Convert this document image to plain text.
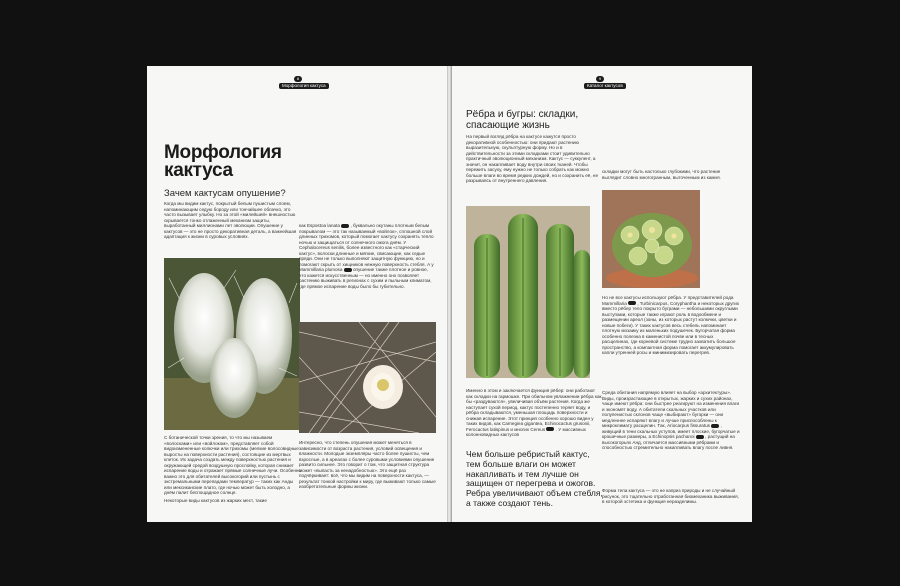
8
Морфология кактуса
Морфология кактуса
Зачем кактусам опушение?
Когда мы видим кактус, покрытый белым пушистым слоем, напоминающим седую бороду или тончайшее облачко, это часто вызывает улыбку. Но за этой «милейшей» внешностью скрывается тонко отлаженный механизм защиты, выработанный миллионами лет эволюции. Опушение у кактусов — это не просто декоративная деталь, а важнейшая адаптация к жизни в суровых условиях.
С ботанической точки зрения, то что мы называем «волосками» или «войлоком», представляет собой видоизмененные колючки или трихомы (мелкие волосовидные выросты на поверхности растения), состоящие из мертвых клеток. Их задача создать между поверхностью растения и окружающей средой воздушную прослойку, которая снижает испарение воды и отражает прямые солнечные лучи. Особенно важно это для обитателей высокогорий или пустынь с экстремальными перепадами температур — таких как Анды или мексиканские плато, где ночью может быть холодно, а днём палит беспощадное солнце.
Некоторые виды кактусов из жарких мест, такие
как Espostoa lanata , буквально окутаны плотным белым покрывалом — это так называемый «войлок», сплошной слой длинных трихомов, который помогает кактусу сохранять тепло ночью и защищаться от солнечного ожога днём. У Cephalocereus senilis, более известного как «старческий кактус», волоски длинные и мягкие, свисающие, как седые пряди. Они не только выполняют защитную функцию, но и помогают скрыть от хищников нежную поверхность стебля. А у Mammillaria plumosa опушение также плотное и ровное, что кажется искусственным — но именно оно позволяет растению выживать в регионах с сухим и пыльным климатом, где прямое испарение воды было бы губительно.
Интересно, что степень опушения может меняться в зависимости от возраста растения, условий освещения и влажности. Молодые экземпляры часто более пушисты, чем взрослые, а в ареалах с более суровыми условиями опушение развито сильнее. Это говорит о том, что защитная структура может «выпасть за ненадобностью». Это ещё раз подчёркивает: всё, что мы видим на поверхности кактуса, — результат тонкой настройки к миру, где выживают только самые изобретательные формы жизни.
9
Каталог кактусов
Рёбра и бугры: складки, спасающие жизнь
На первый взгляд рёбра на кактусе кажутся просто декоративной особенностью: они придают растению выразительную, скульптурную форму. Но и в действительности за этими складками стоит удивительно практичный эволюционный механизм. Кактус — суккулент, а значит, он накапливает воду внутри своих тканей. Чтобы пережить засуху, ему нужно не только собрать как можно больше влаги во время редких дождей, но и сохранить её, не разрываясь от внутреннего давления.
Именно в этом и заключается функция рёбер: они работают как складки на гармошке. При обильном увлажнении рёбра как бы «раздуваются», увеличивая объём растения. Когда же наступает сухой период, кактус постепенно теряет воду, и рёбра складываются, уменьшая площадь поверхности и снижая испарение. Этот принцип особенно хорошо виден у таких видов, как Carnegiea gigantea, Echinocactus grusonii, Ferocactus latispinus и многих Cereus . У массивных колонновидных кактусов
Чем больше ребристый кактус, тем больше влаги он может накапливать и тем лучше он защищен от перегрева и ожогов. Ребра увеличивают объем стебля, а также создают тень.
складки могут быть настолько глубокими, что растение выглядит словно многогранным, выточенным из камня.
Но не все кактусы используют рёбра. У представителей рода Mammillaria , Turbinicarpus, Coryphantha и некоторых других вместо рёбер тело покрыто буграми — небольшими округлыми выступами, которые также играют роль в водообмене и размещении ареол (зоны, из которых растут колючки, цветки и новые побеги). У таких кактусов весь стебель напоминает плотную мозаику из маленьких подушечек. Бугорчатая форма особенно полезна в каменистой почве или в тесных расщелинах, где корневой системе трудно захватить большое пространство, а компактная форма помогает аккумулировать капли утренней росы и минимизировать перегрев.
Среда обитания напрямую влияет на выбор «архитектуры». Виды, произрастающие в открытых, жарких и сухих районах, чаще имеют рёбра: они быстрее реагируют на изменения влаги и экономят воду. А обитатели скальных участков или полупенистых склонов чаще «выбирают» бугорки — они медленнее испаряют влагу и лучше приспособлены к микроклимату расщелин. Так, Ariocarpus fissuratus , живущий в тени скальных уступов, имеет плоские, бугорчатые и крошечные размеры, а Echinopsis pachanoi , растущий на высокогорьях Анд, отличается массивными рёбрами и способностью стремительно накапливать влагу после ливня.
Форма тела кактуса — это не каприз природы и не случайный рисунок, это тщательно отработанная биомеханика выживания, в которой эстетика и функция неразделимы.
